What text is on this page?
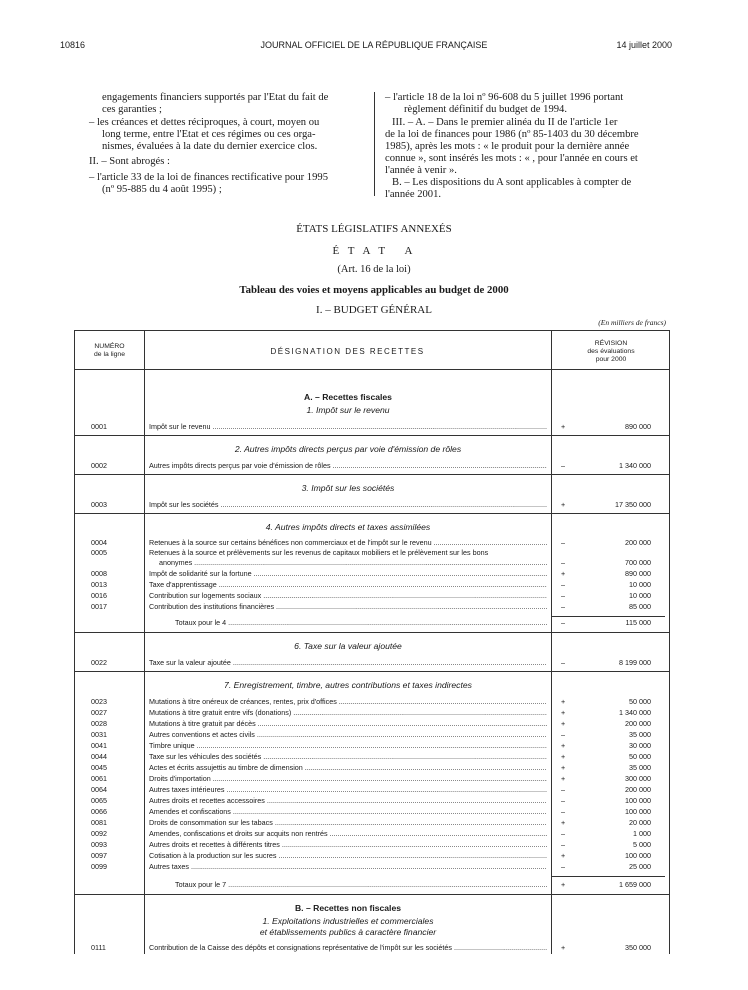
10816	JOURNAL OFFICIEL DE LA RÉPUBLIQUE FRANÇAISE	14 juillet 2000
engagements financiers supportés par l'Etat du fait de
ces garanties ;
– les créances et dettes réciproques, à court, moyen ou
long terme, entre l'Etat et ces régimes ou ces orga-
nismes, évaluées à la date du dernier exercice clos.
II. – Sont abrogés :
– l'article 33 de la loi de finances rectificative pour 1995
(nº 95-885 du 4 août 1995) ;
– l'article 18 de la loi nº 96-608 du 5 juillet 1996 portant
règlement définitif du budget de 1994.
III. – A. – Dans le premier alinéa du II de l'article 1er
de la loi de finances pour 1986 (nº 85-1403 du 30 décembre
1985), après les mots : « le produit pour la dernière année
connue », sont insérés les mots : « , pour l'année en cours et
l'année à venir ».
B. – Les dispositions du A sont applicables à compter de
l'année 2001.
ÉTATS LÉGISLATIFS ANNEXÉS
É T A T   A
(Art. 16 de la loi)
Tableau des voies et moyens applicables au budget de 2000
I. – BUDGET GÉNÉRAL
(En milliers de francs)
NUMÉRO
de la ligne	DÉSIGNATION DES RECETTES
RÉVISION
des évaluations
pour 2000
A. – Recettes fiscales
1. Impôt sur le revenu
0001	Impôt sur le revenu .....	+	890 000
2. Autres impôts directs perçus par voie d'émission de rôles
0002	Autres impôts directs perçus par voie d'émission de rôles .....	–	1 340 000
3. Impôt sur les sociétés
0003	Impôt sur les sociétés .....	+	17 350 000
4. Autres impôts directs et taxes assimilées
0004	Retenues à la source sur certains bénéfices non commerciaux et de l'impôt sur le revenu .....	–	200 000
0005	Retenues à la source et prélèvements sur les revenus de capitaux mobiliers et le prélèvement sur les bons
anonymes .....	–	700 000
0008	Impôt de solidarité sur la fortune .....	+	890 000
0013	Taxe d'apprentissage .....	–	10 000
0016	Contribution sur logements sociaux .....	–	10 000
0017	Contribution des institutions financières .....	–	85 000
Totaux pour le 4 .....	–	115 000
6. Taxe sur la valeur ajoutée
0022	Taxe sur la valeur ajoutée .....	–	8 199 000
7. Enregistrement, timbre, autres contributions et taxes indirectes
0023	Mutations à titre onéreux de créances, rentes, prix d'offices .....	+	50 000
0027	Mutations à titre gratuit entre vifs (donations) .....	+	1 340 000
0028	Mutations à titre gratuit par décès .....	+	200 000
0031	Autres conventions et actes civils .....	–	35 000
0041	Timbre unique .....	+	30 000
0044	Taxe sur les véhicules des sociétés .....	+	50 000
0045	Actes et écrits assujettis au timbre de dimension .....	+	35 000
0061	Droits d'importation .....	+	300 000
0064	Autres taxes intérieures .....	–	200 000
0065	Autres droits et recettes accessoires .....	–	100 000
0066	Amendes et confiscations .....	–	100 000
0081	Droits de consommation sur les tabacs .....	+	20 000
0092	Amendes, confiscations et droits sur acquits non rentrés .....	–	1 000
0093	Autres droits et recettes à différents titres .....	–	5 000
0097	Cotisation à la production sur les sucres .....	+	100 000
0099	Autres taxes .....	–	25 000
Totaux pour le 7 .....	+	1 659 000
B. – Recettes non fiscales
1. Exploitations industrielles et commerciales
et établissements publics à caractère financier
0111	Contribution de la Caisse des dépôts et consignations représentative de l'impôt sur les sociétés .....	+	350 000
